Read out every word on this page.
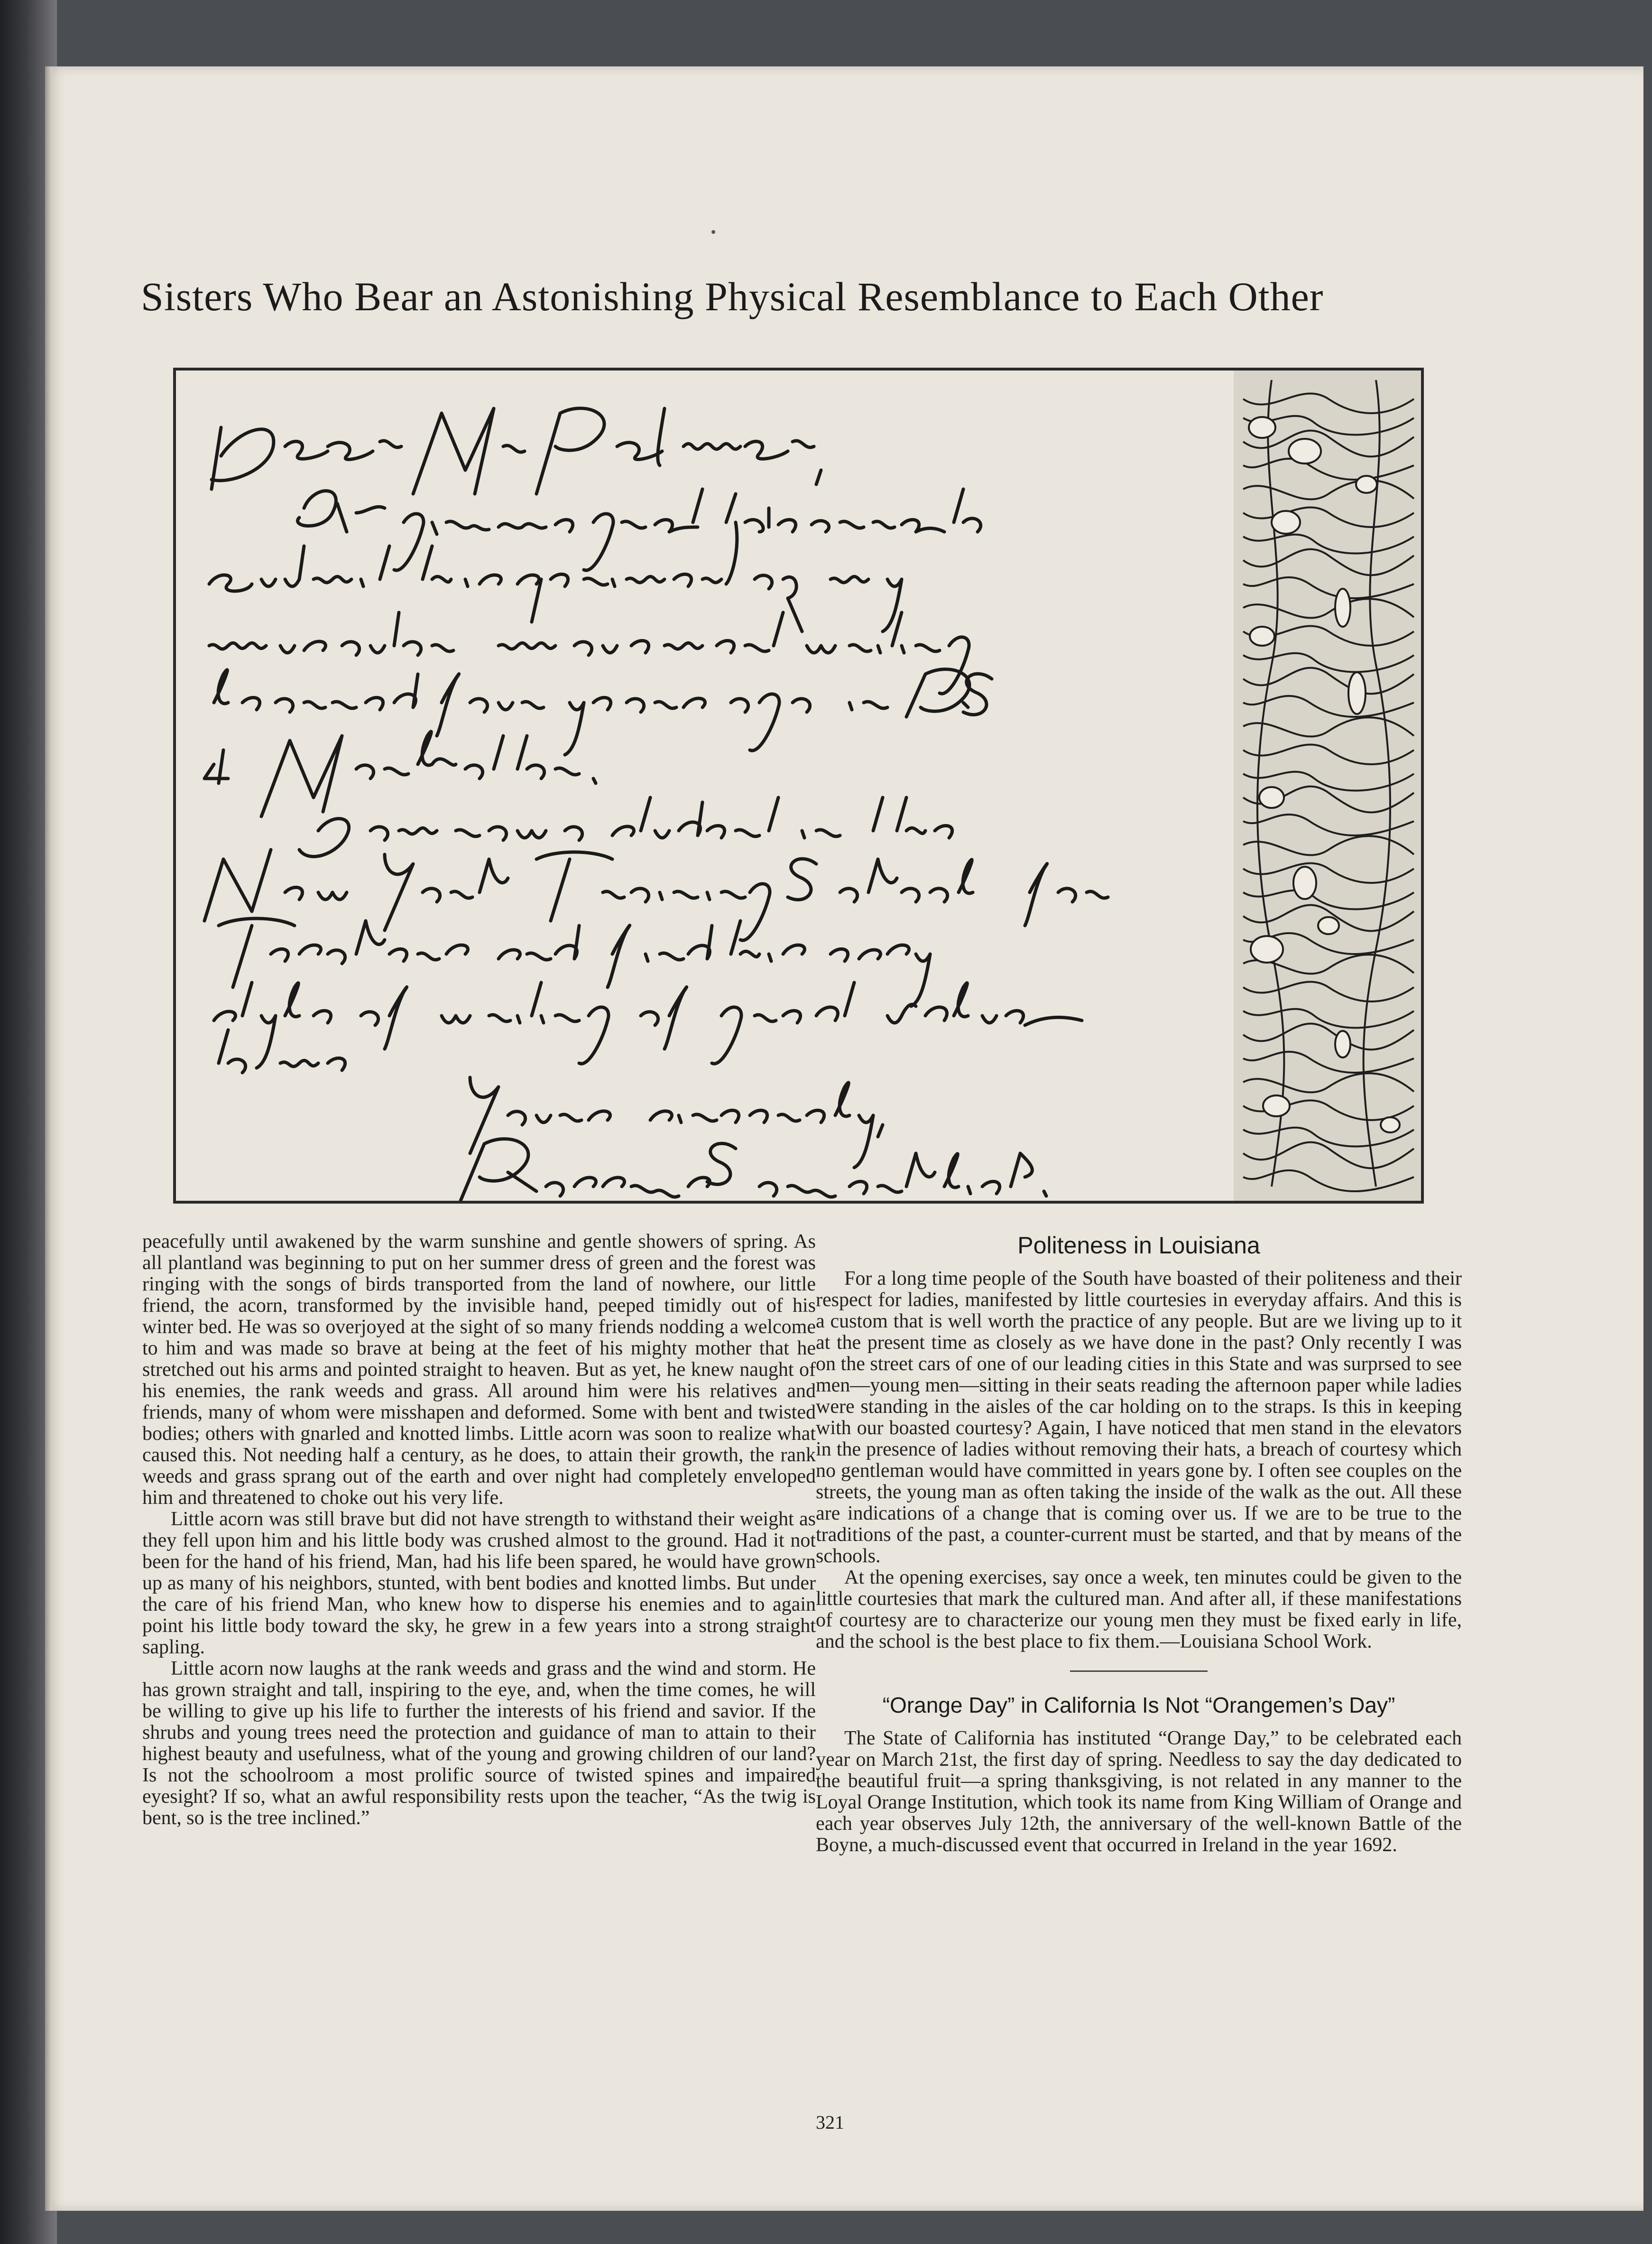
Sisters Who Bear an Astonishing Physical Resemblance to Each Other

peacefully until awakened by the warm sunshine and gentle showers of spring. As all plantland was beginning to put on her summer dress of green and the forest was ringing with the songs of birds transported from the land of nowhere, our little friend, the acorn, transformed by the invisible hand, peeped timidly out of his winter bed. He was so overjoyed at the sight of so many friends nodding a welcome to him and was made so brave at being at the feet of his mighty mother that he stretched out his arms and pointed straight to heaven. But as yet, he knew naught of his enemies, the rank weeds and grass. All around him were his relatives and friends, many of whom were misshapen and deformed. Some with bent and twisted bodies; others with gnarled and knotted limbs. Little acorn was soon to realize what caused this. Not needing half a century, as he does, to attain their growth, the rank weeds and grass sprang out of the earth and over night had completely enveloped him and threatened to choke out his very life.

Little acorn was still brave but did not have strength to withstand their weight as they fell upon him and his little body was crushed almost to the ground. Had it not been for the hand of his friend, Man, had his life been spared, he would have grown up as many of his neighbors, stunted, with bent bodies and knotted limbs. But under the care of his friend Man, who knew how to disperse his enemies and to again point his little body toward the sky, he grew in a few years into a strong straight sapling.

Little acorn now laughs at the rank weeds and grass and the wind and storm. He has grown straight and tall, inspiring to the eye, and, when the time comes, he will be willing to give up his life to further the interests of his friend and savior. If the shrubs and young trees need the protection and guidance of man to attain to their highest beauty and usefulness, what of the young and growing children of our land? Is not the schoolroom a most prolific source of twisted spines and impaired eyesight? If so, what an awful responsibility rests upon the teacher, “As the twig is bent, so is the tree inclined.”

Politeness in Louisiana

For a long time people of the South have boasted of their politeness and their respect for ladies, manifested by little courtesies in everyday affairs. And this is a custom that is well worth the practice of any people. But are we living up to it at the present time as closely as we have done in the past? Only recently I was on the street cars of one of our leading cities in this State and was surprsed to see men—young men—sitting in their seats reading the afternoon paper while ladies were standing in the aisles of the car holding on to the straps. Is this in keeping with our boasted courtesy? Again, I have noticed that men stand in the elevators in the presence of ladies without removing their hats, a breach of courtesy which no gentleman would have committed in years gone by. I often see couples on the streets, the young man as often taking the inside of the walk as the out. All these are indications of a change that is coming over us. If we are to be true to the traditions of the past, a counter-current must be started, and that by means of the schools.

At the opening exercises, say once a week, ten minutes could be given to the little courtesies that mark the cultured man. And after all, if these manifestations of courtesy are to characterize our young men they must be fixed early in life, and the school is the best place to fix them.—Louisiana School Work.

“Orange Day” in California Is Not “Orangemen’s Day”

The State of California has instituted “Orange Day,” to be celebrated each year on March 21st, the first day of spring. Needless to say the day dedicated to the beautiful fruit—a spring thanksgiving, is not related in any manner to the Loyal Orange Institution, which took its name from King William of Orange and each year observes July 12th, the anniversary of the well-known Battle of the Boyne, a much-discussed event that occurred in Ireland in the year 1692.

321
